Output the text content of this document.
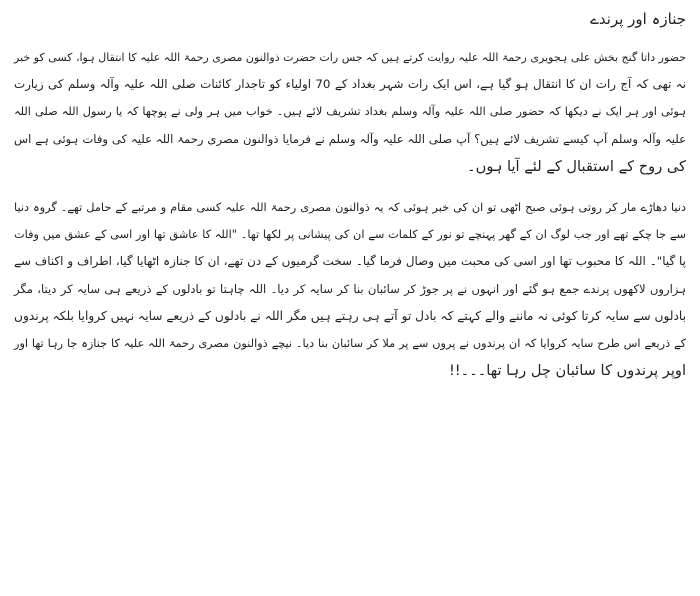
جنازہ اور پرندے

حضور داتا گنج بخش علی ہجویری رحمۃ اللہ علیہ روایت کرتے ہیں کہ جس رات حضرت ذوالنون مصری رحمۃ اللہ علیہ کا انتقال ہوا، کسی کو خبر
نہ تھی کہ آج رات ان کا انتقال ہو گیا ہے، اس ایک رات شہر بغداد کے 70 اولیاء کو تاجدار کائنات صلی اللہ علیہ وآلہ وسلم کی زیارت
ہوئی اور ہر ایک نے دیکھا کہ حضور صلی اللہ علیہ وآلہ وسلم بغداد تشریف لائے ہیں۔ خواب میں ہر ولی نے پوچھا کہ یا رسول اللہ صلی اللہ
علیہ وآلہ وسلم آپ کیسے تشریف لائے ہیں؟ آپ صلی اللہ علیہ وآلہ وسلم نے فرمایا ذوالنون مصری رحمۃ اللہ علیہ کی وفات ہوئی ہے اس
کی روح کے استقبال کے لئے آیا ہوں۔

دنیا دھاڑے مار کر روتی ہوئی صبح اٹھی تو ان کی خبر ہوئی کہ یہ ذوالنون مصری رحمۃ اللہ علیہ کسی مقام و مرتبے کے حامل تھے۔ گروہ دنیا
سے جا چکے تھے اور جب لوگ ان کے گھر پہنچے تو نور کے کلمات سے ان کی پیشانی پر لکھا تھا۔ "اللہ کا عاشق تھا اور اسی کے عشق میں وفات
پا گیا"۔ اللہ کا محبوب تھا اور اسی کی محبت میں وصال فرما گیا۔ سخت گرمیوں کے دن تھے، ان کا جنازہ اٹھایا گیا، اطراف و اکناف سے
ہزاروں لاکھوں پرندے جمع ہو گئے اور انہوں نے پر جوڑ کر سائبان بنا کر سایہ کر دیا۔ اللہ چاہتا تو بادلوں کے ذریعے ہی سایہ کر دیتا، مگر
بادلوں سے سایہ کرتا کوئی نہ ماننے والے کہتے کہ بادل تو آتے ہی رہتے ہیں مگر اللہ نے بادلوں کے ذریعے سایہ نہیں کروایا بلکہ پرندوں
کے ذریعے اس طرح سایہ کروایا کہ ان پرندوں نے پروں سے پر ملا کر سائبان بنا دیا۔ نیچے ذوالنون مصری رحمۃ اللہ علیہ کا جنازہ جا رہا تھا اور
اوپر پرندوں کا سائبان چل رہا تھا۔۔۔!!
